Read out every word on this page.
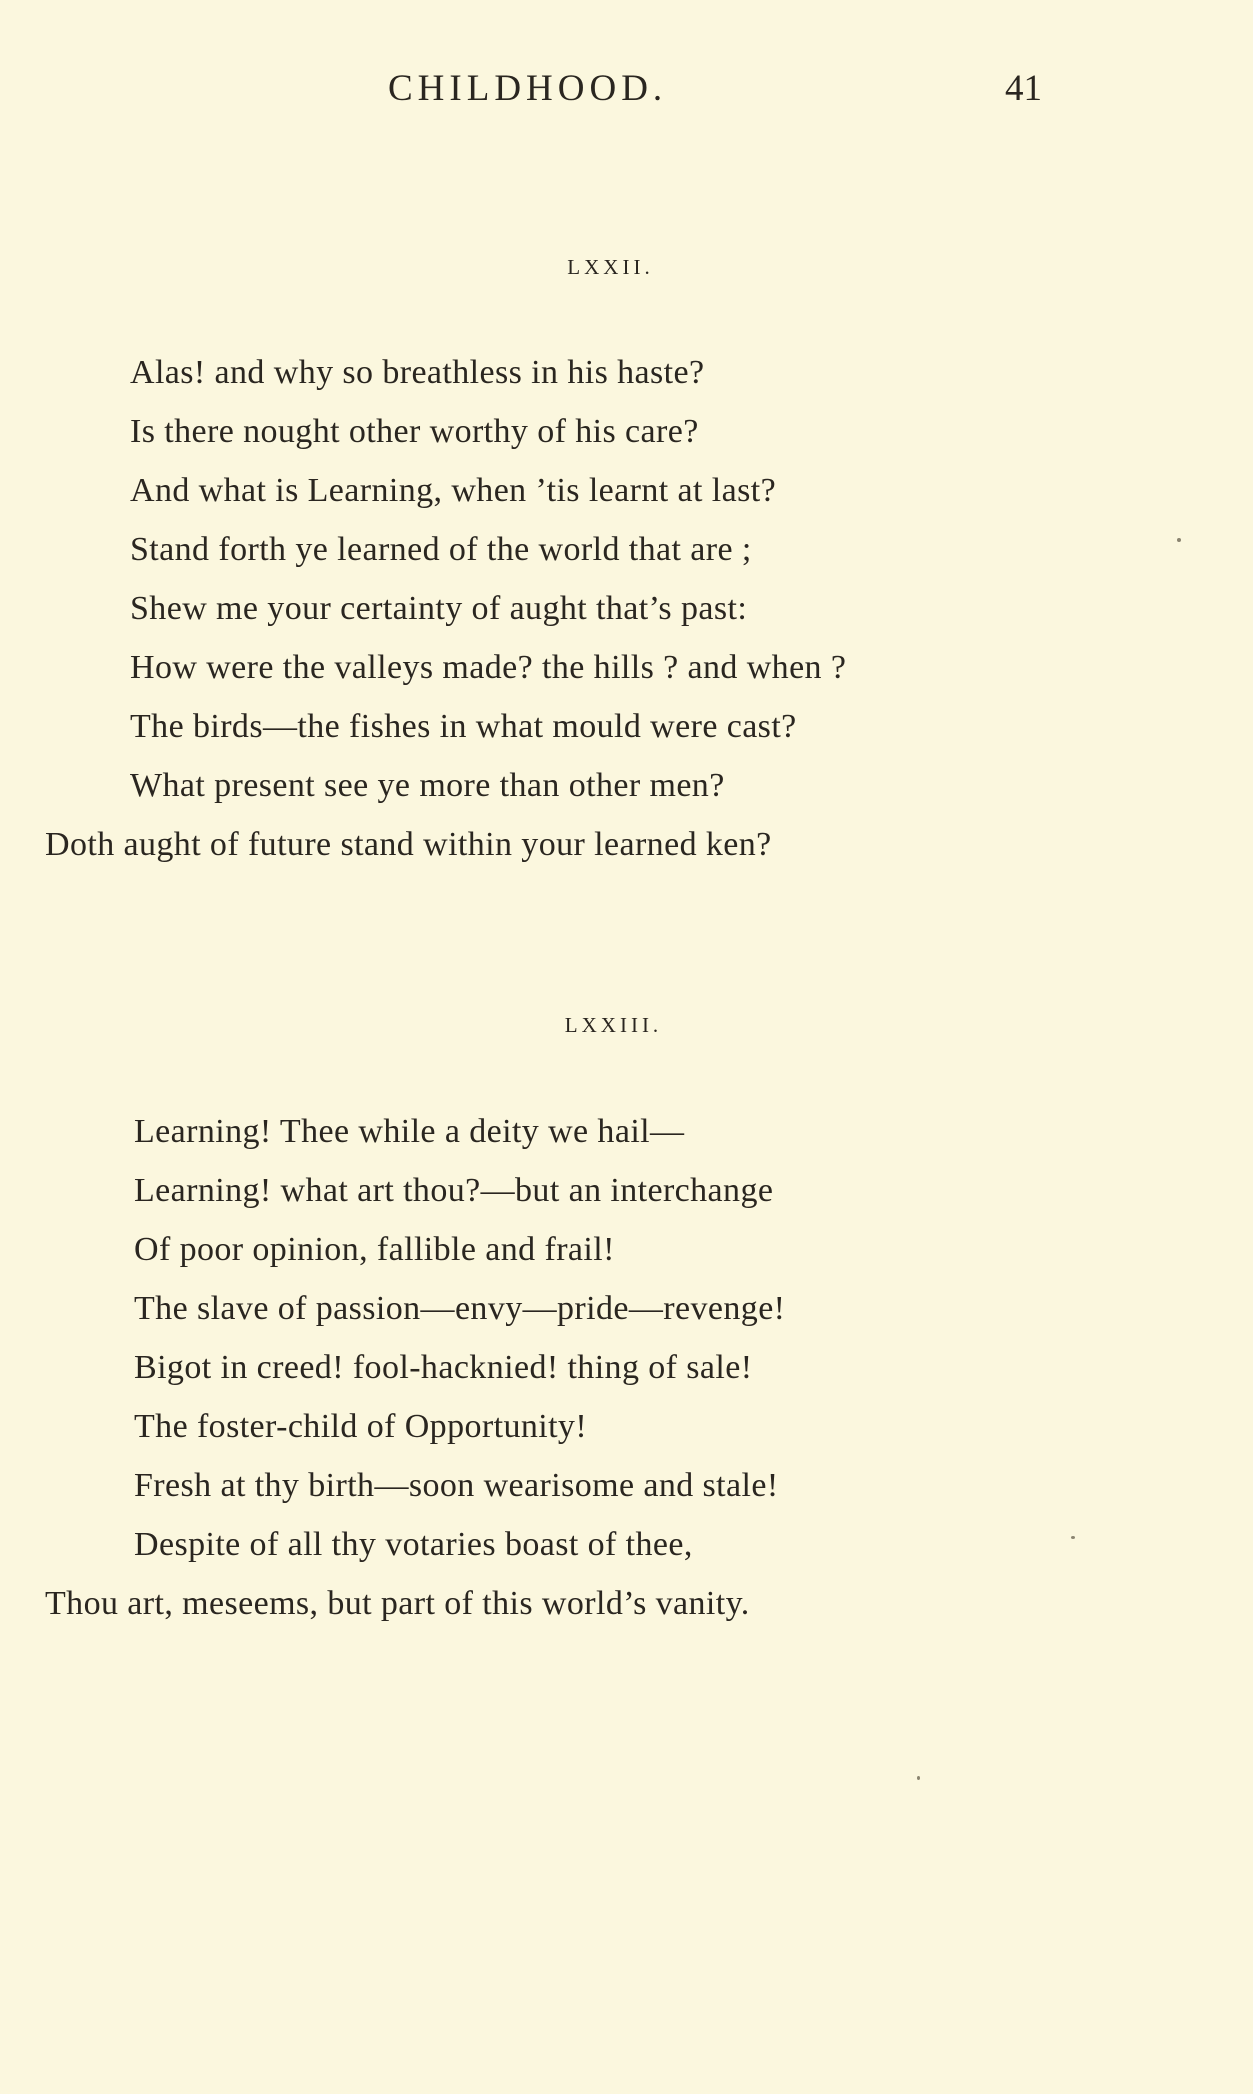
CHILDHOOD.	41
LXXII.
Alas! and why so breathless in his haste?
Is there nought other worthy of his care?
And what is Learning, when ’tis learnt at last?
Stand forth ye learned of the world that are ;
Shew me your certainty of aught that’s past:
How were the valleys made? the hills ? and when ?
The birds—the fishes in what mould were cast?
What present see ye more than other men?
Doth aught of future stand within your learned ken?
LXXIII.
Learning! Thee while a deity we hail—
Learning! what art thou?—but an interchange
Of poor opinion, fallible and frail!
The slave of passion—envy—pride—revenge!
Bigot in creed! fool-hacknied! thing of sale!
The foster-child of Opportunity!
Fresh at thy birth—soon wearisome and stale!
Despite of all thy votaries boast of thee,
Thou art, meseems, but part of this world’s vanity.
